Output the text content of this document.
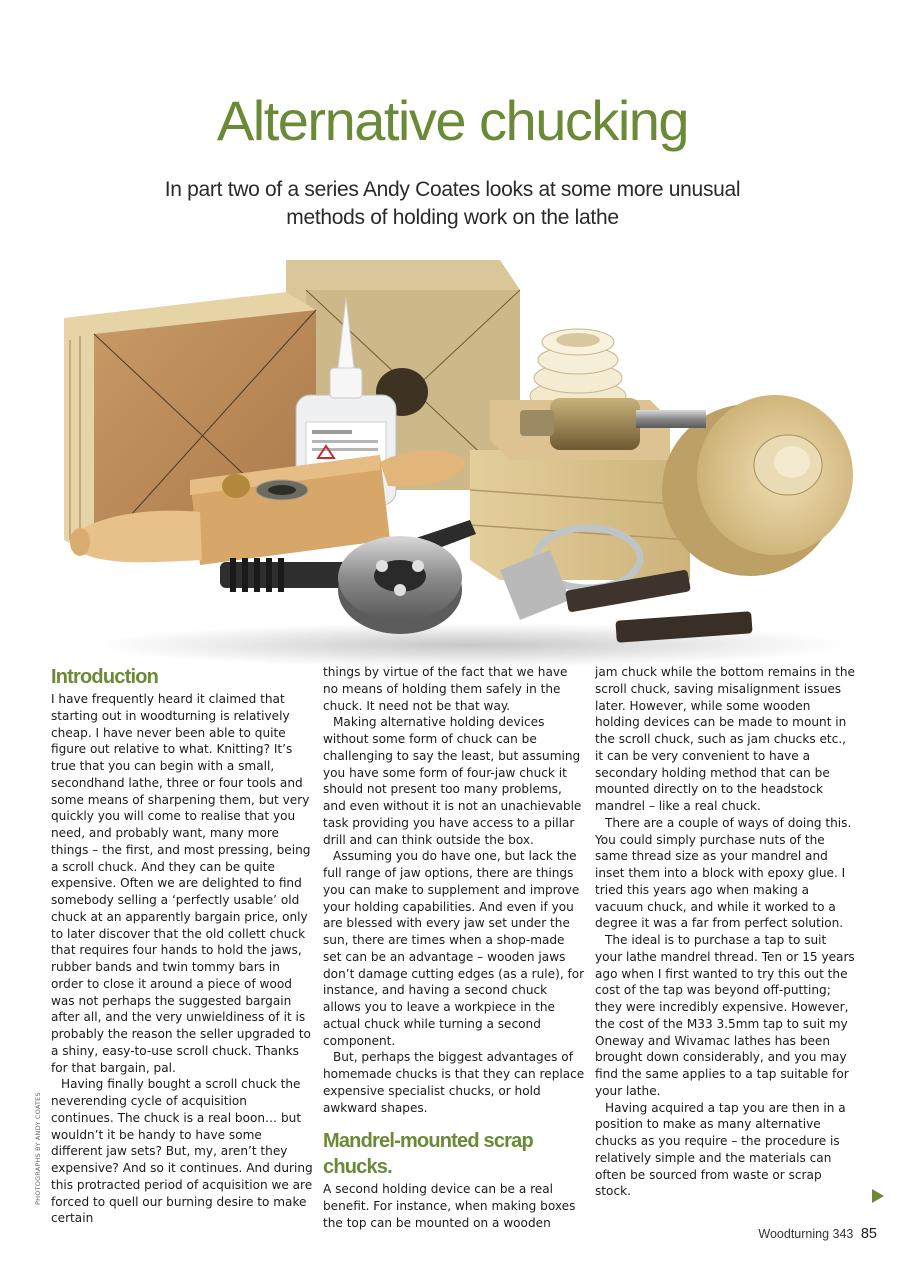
Alternative chucking

In part two of a series Andy Coates looks at some more unusual methods of holding work on the lathe

Introduction

I have frequently heard it claimed that starting out in woodturning is relatively cheap. I have never been able to quite figure out relative to what. Knitting? It’s true that you can begin with a small, secondhand lathe, three or four tools and some means of sharpening them, but very quickly you will come to realise that you need, and probably want, many more things – the first, and most pressing, being a scroll chuck. And they can be quite expensive. Often we are delighted to find somebody selling a ‘perfectly usable’ old chuck at an apparently bargain price, only to later discover that the old collett chuck that requires four hands to hold the jaws, rubber bands and twin tommy bars in order to close it around a piece of wood was not perhaps the suggested bargain after all, and the very unwieldiness of it is probably the reason the seller upgraded to a shiny, easy-to-use scroll chuck. Thanks for that bargain, pal.

Having finally bought a scroll chuck the neverending cycle of acquisition continues. The chuck is a real boon… but wouldn’t it be handy to have some different jaw sets? But, my, aren’t they expensive? And so it continues. And during this protracted period of acquisition we are forced to quell our burning desire to make certain

things by virtue of the fact that we have no means of holding them safely in the chuck. It need not be that way.

Making alternative holding devices without some form of chuck can be challenging to say the least, but assuming you have some form of four-jaw chuck it should not present too many problems, and even without it is not an unachievable task providing you have access to a pillar drill and can think outside the box.

Assuming you do have one, but lack the full range of jaw options, there are things you can make to supplement and improve your holding capabilities. And even if you are blessed with every jaw set under the sun, there are times when a shop-made set can be an advantage – wooden jaws don’t damage cutting edges (as a rule), for instance, and having a second chuck allows you to leave a workpiece in the actual chuck while turning a second component.

But, perhaps the biggest advantages of homemade chucks is that they can replace expensive specialist chucks, or hold awkward shapes.

Mandrel-mounted scrap chucks.

A second holding device can be a real benefit. For instance, when making boxes the top can be mounted on a wooden

jam chuck while the bottom remains in the scroll chuck, saving misalignment issues later. However, while some wooden holding devices can be made to mount in the scroll chuck, such as jam chucks etc., it can be very convenient to have a secondary holding method that can be mounted directly on to the headstock mandrel – like a real chuck.

There are a couple of ways of doing this. You could simply purchase nuts of the same thread size as your mandrel and inset them into a block with epoxy glue. I tried this years ago when making a vacuum chuck, and while it worked to a degree it was a far from perfect solution.

The ideal is to purchase a tap to suit your lathe mandrel thread. Ten or 15 years ago when I first wanted to try this out the cost of the tap was beyond off-putting; they were incredibly expensive. However, the cost of the M33 3.5mm tap to suit my Oneway and Wivamac lathes has been brought down considerably, and you may find the same applies to a tap suitable for your lathe.

Having acquired a tap you are then in a position to make as many alternative chucks as you require – the procedure is relatively simple and the materials can often be sourced from waste or scrap stock.

PHOTOGRAPHS BY ANDY COATES
Woodturning 343 85
